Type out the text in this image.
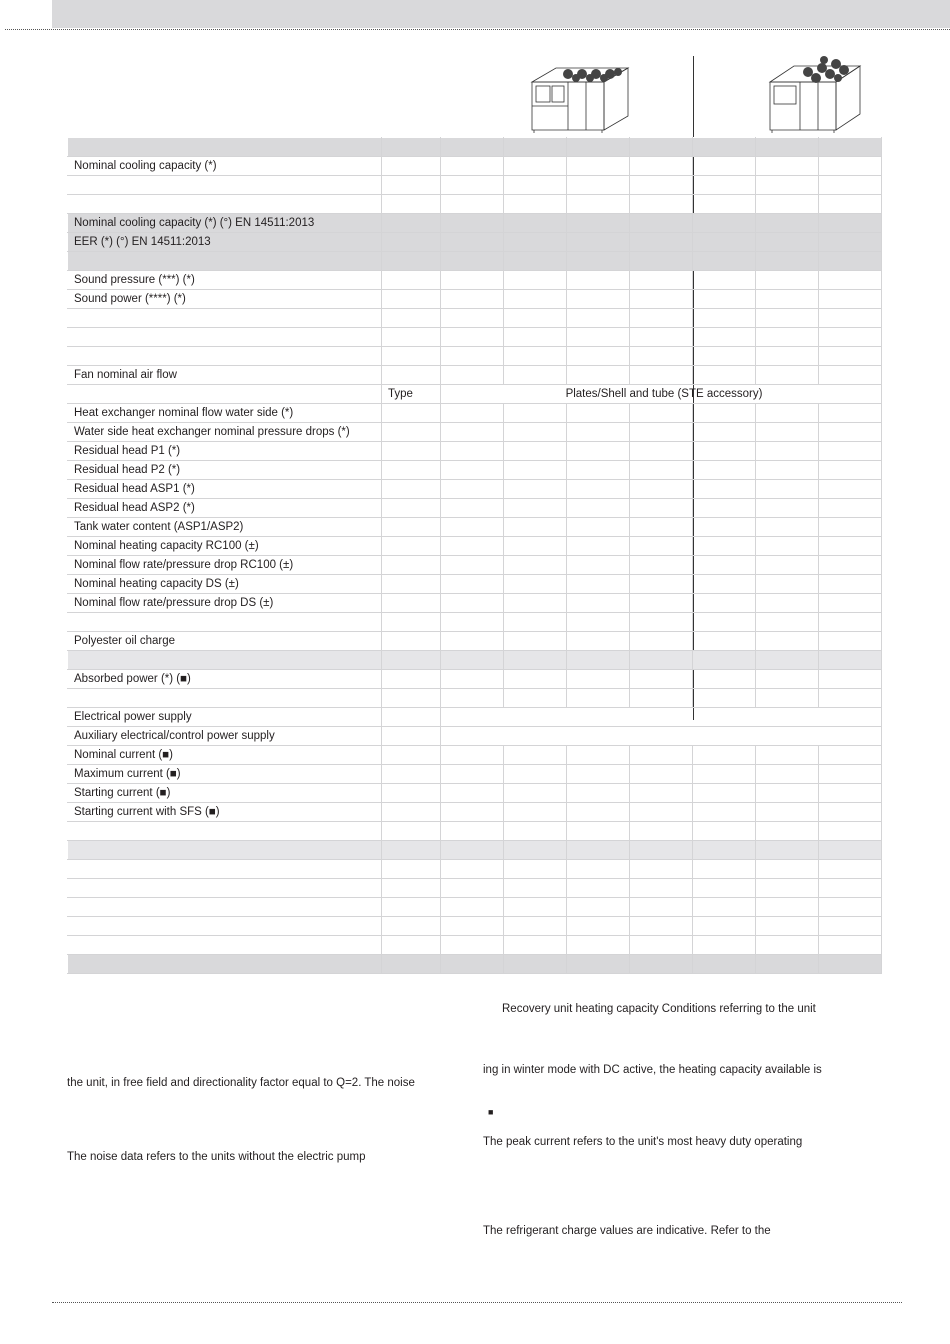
Nominal cooling capacity (*)								

Nominal cooling capacity (*) (°) EN 14511:2013								
EER (*) (°) EN 14511:2013								

Sound pressure (***) (*)								
Sound power (****) (*)								

Fan nominal air flow								
	Type	Plates/Shell and tube (STE accessory)						
Heat exchanger nominal flow water side (*)								
Water side heat exchanger nominal pressure drops (*)								
Residual head P1 (*)								
Residual head P2 (*)								
Residual head ASP1 (*)								
Residual head ASP2 (*)								
Tank water content (ASP1/ASP2)								
Nominal heating capacity RC100 (±)								
Nominal flow rate/pressure drop RC100 (±)								
Nominal heating capacity DS (±)								
Nominal flow rate/pressure drop DS (±)								

Polyester oil charge								

Absorbed power (*) (■)								

Electrical power supply								
Auxiliary electrical/control power supply								
Nominal current (■)								
Maximum current (■)								
Starting current (■)								
Starting current with SFS (■)								

Recovery unit heating capacity Conditions referring to the unit
ing in winter mode with DC active, the heating capacity available is
the unit, in free field and directionality factor equal to Q=2. The noise
■
The peak current refers to the unit's most heavy duty operating
The noise data refers to the units without the electric pump
The refrigerant charge values are indicative. Refer to the
